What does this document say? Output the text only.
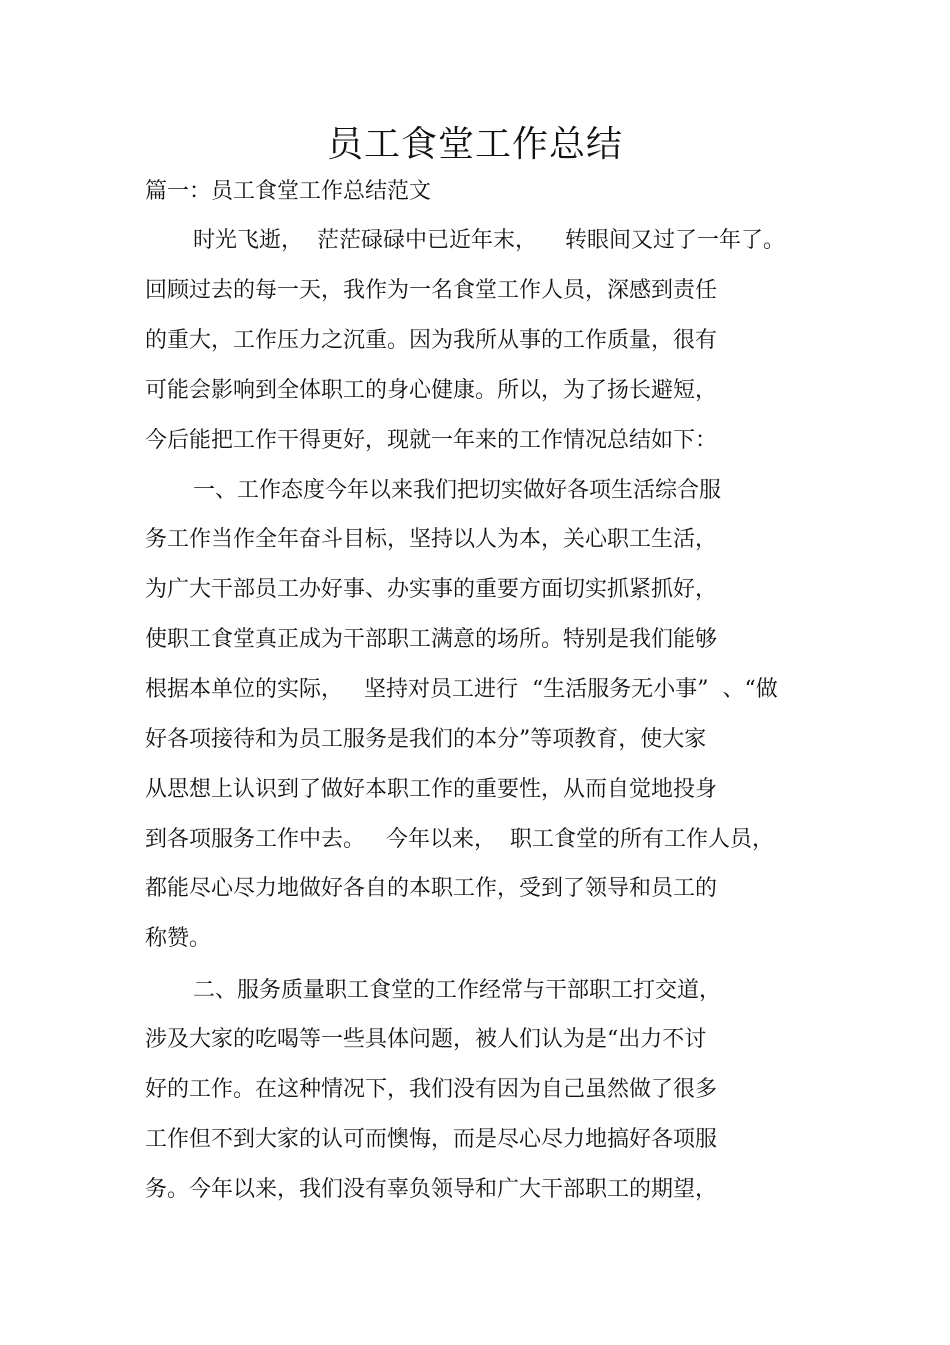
员工食堂工作总结
篇一：员工食堂工作总结范文
时光飞逝，  茫茫碌碌中已近年末，    转眼间又过了一年了。
回顾过去的每一天，我作为一名食堂工作人员，深感到责任
的重大，工作压力之沉重。因为我所从事的工作质量，很有
可能会影响到全体职工的身心健康。所以，为了扬长避短，
今后能把工作干得更好，现就一年来的工作情况总结如下：
一、工作态度今年以来我们把切实做好各项生活综合服
务工作当作全年奋斗目标，坚持以人为本，关心职工生活，
为广大干部员工办好事、办实事的重要方面切实抓紧抓好，
使职工食堂真正成为干部职工满意的场所。特别是我们能够
根据本单位的实际，   坚持对员工进行  “生活服务无小事”  、“做
好各项接待和为员工服务是我们的本分”等项教育，使大家
从思想上认识到了做好本职工作的重要性，从而自觉地投身
到各项服务工作中去。   今年以来，  职工食堂的所有工作人员，
都能尽心尽力地做好各自的本职工作，受到了领导和员工的
称赞。
二、服务质量职工食堂的工作经常与干部职工打交道，
涉及大家的吃喝等一些具体问题，被人们认为是“出力不讨
好的工作。在这种情况下，我们没有因为自己虽然做了很多
工作但不到大家的认可而懊悔，而是尽心尽力地搞好各项服
务。今年以来，我们没有辜负领导和广大干部职工的期望，
